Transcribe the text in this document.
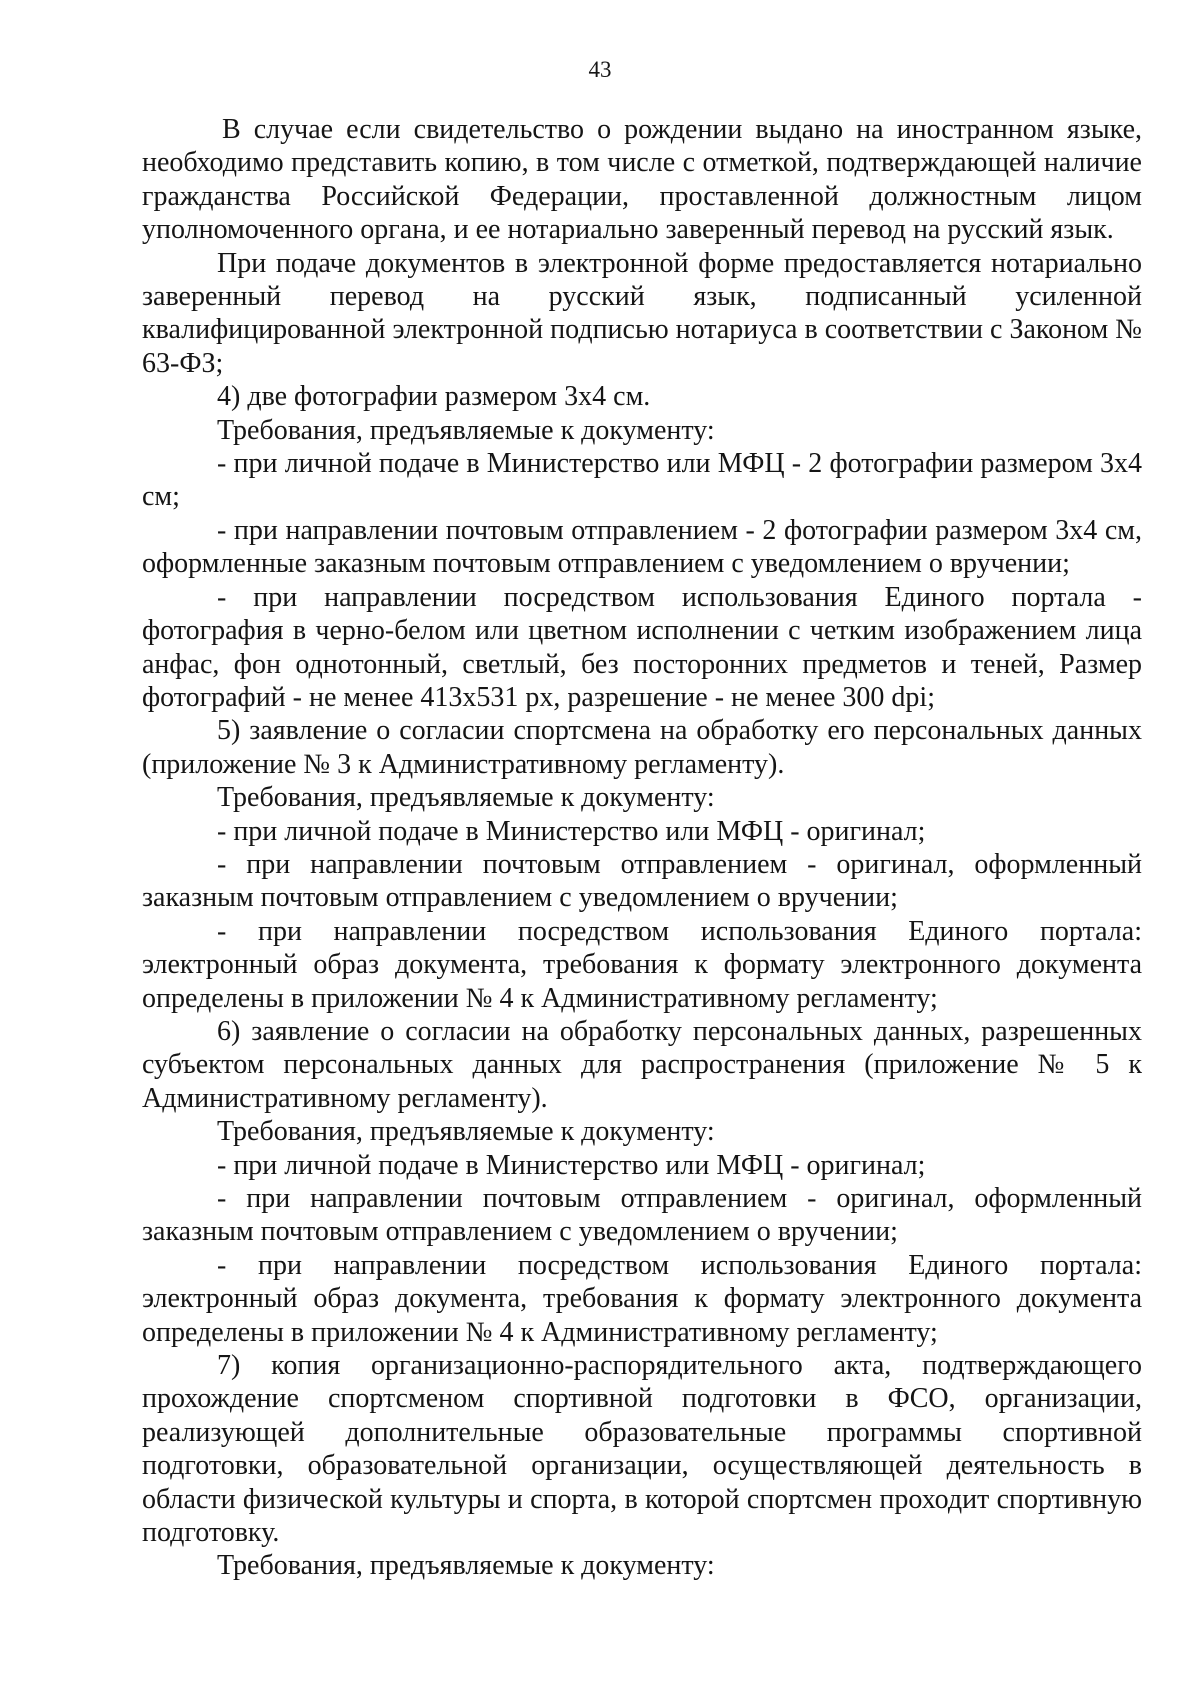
43

В случае если свидетельство о рождении выдано на иностранном языке, необходимо представить копию, в том числе с отметкой, подтверждающей наличие гражданства Российской Федерации, проставленной должностным лицом уполномоченного органа, и ее нотариально заверенный перевод на русский язык.

При подаче документов в электронной форме предоставляется нотариально заверенный перевод на русский язык, подписанный усиленной квалифицированной электронной подписью нотариуса в соответствии с Законом № 63-ФЗ;

4) две фотографии размером 3х4 см.

Требования, предъявляемые к документу:

- при личной подаче в Министерство или МФЦ - 2 фотографии размером 3х4 см;

- при направлении почтовым отправлением - 2 фотографии размером 3х4 см, оформленные заказным почтовым отправлением с уведомлением о вручении;

- при направлении посредством использования Единого портала - фотография в черно-белом или цветном исполнении с четким изображением лица анфас, фон однотонный, светлый, без посторонних предметов и теней, Размер фотографий - не менее 413x531 px, разрешение - не менее 300 dpi;

5) заявление о согласии спортсмена на обработку его персональных данных (приложение № 3 к Административному регламенту).

Требования, предъявляемые к документу:

- при личной подаче в Министерство или МФЦ - оригинал;

- при направлении почтовым отправлением - оригинал, оформленный заказным почтовым отправлением с уведомлением о вручении;

- при направлении посредством использования Единого портала: электронный образ документа, требования к формату электронного документа определены в приложении № 4 к Административному регламенту;

6) заявление о согласии на обработку персональных данных, разрешенных субъектом персональных данных для распространения (приложение № 5 к Административному регламенту).

Требования, предъявляемые к документу:

- при личной подаче в Министерство или МФЦ - оригинал;

- при направлении почтовым отправлением - оригинал, оформленный заказным почтовым отправлением с уведомлением о вручении;

- при направлении посредством использования Единого портала: электронный образ документа, требования к формату электронного документа определены в приложении № 4 к Административному регламенту;

7) копия организационно-распорядительного акта, подтверждающего прохождение спортсменом спортивной подготовки в ФСО, организации, реализующей дополнительные образовательные программы спортивной подготовки, образовательной организации, осуществляющей деятельность в области физической культуры и спорта, в которой спортсмен проходит спортивную подготовку.

Требования, предъявляемые к документу:
